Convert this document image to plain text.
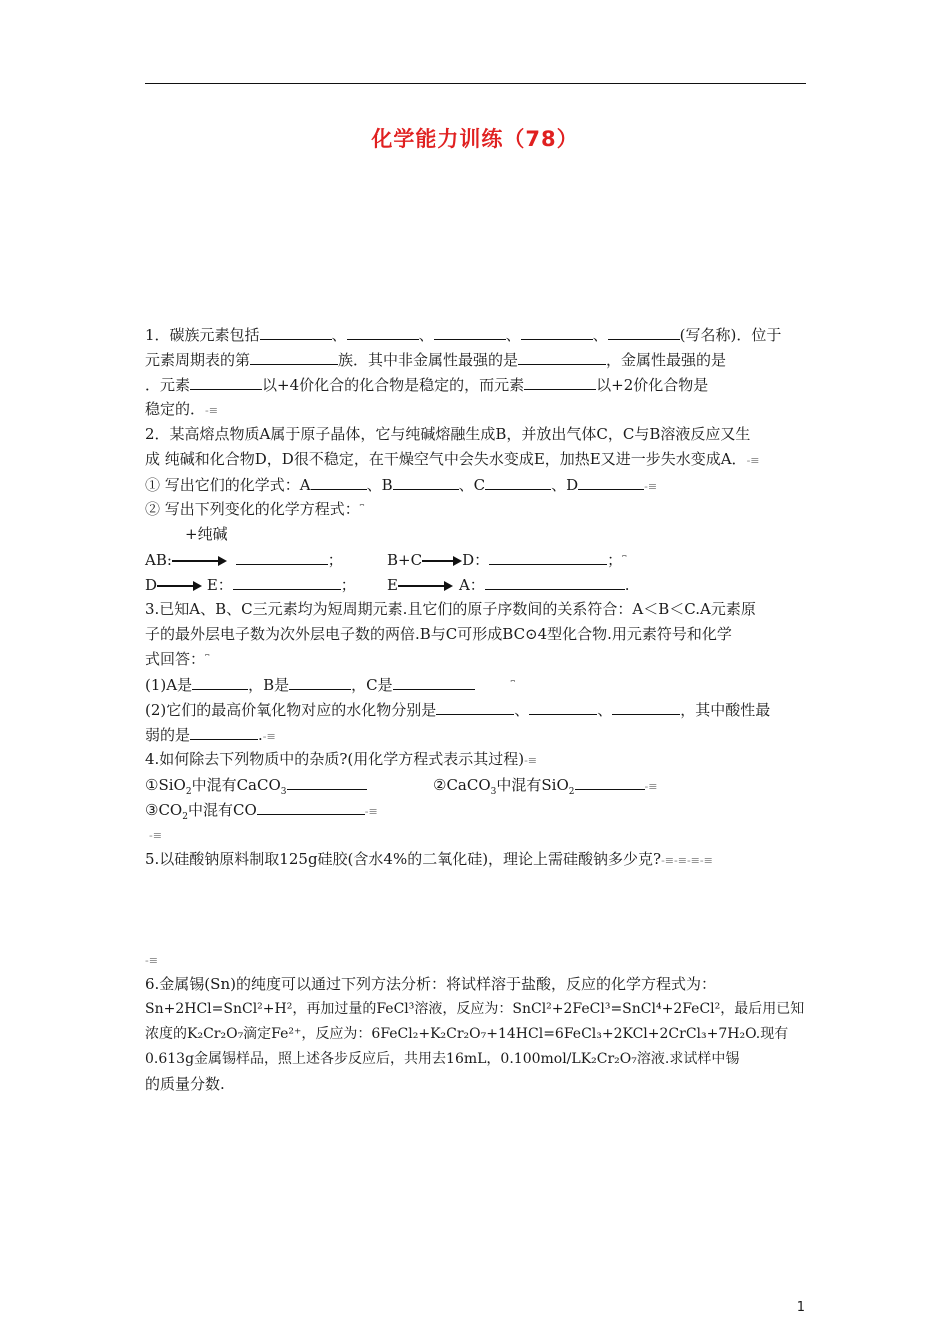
化学能力训练（78）
1．碳族元素包括	、	、	、	、	(写名称)．位于
元素周期表的第	族．其中非金属性最强的是	，金属性最强的是
．元素	以+4价化合的化合物是稳定的，而元素	以+2价化合物是
稳定的．-≡
2．某高熔点物质A属于原子晶体，它与纯碱熔融生成B，并放出气体C，C与B溶液反应又生
成 纯碱和化合物D，D很不稳定，在干燥空气中会失水变成E，加热E又进一步失水变成A．-≡
① 写出它们的化学式：A	、B	、C	、D	-≡
② 写出下列变化的化学方程式：⎴
+纯碱
AB:	；	B+C	D：	；⎴
D	E：	； E	A：	.
3.已知A、B、C三元素均为短周期元素.且它们的原子序数间的关系符合：A＜B＜C.A元素原
子的最外层电子数为次外层电子数的两倍.B与C可形成BC⊙4型化合物.用元素符号和化学
式回答：⎴
(1)A是	，B是	，C是	⎴
(2)它们的最高价氧化物对应的水化物分别是	、	、	，其中酸性最
弱的是	.-≡
4.如何除去下列物质中的杂质?(用化学方程式表示其过程)-≡
①SiO$_2$中混有CaCO$_3$	②CaCO$_3$中混有SiO$_2$	-≡
$③CO_2$中混有CO	-≡
-≡
5.以硅酸钠原料制取125g硅胶(含水4%的二氧化硅)，理论上需硅酸钠多少克?-≡-≡-≡-≡
-≡
6.金属锡(Sn)的纯度可以通过下列方法分析：将试样溶于盐酸，反应的化学方程式为：
Sn+2HCl=SnCl²+H²，再加过量的FeCl³溶液，反应为：SnCl²+2FeCl³=SnCl⁴+2FeCl²，最后用已知
浓度的K₂Cr₂O₇滴定Fe²⁺，反应为：6FeCl₂+K₂Cr₂O₇+14HCl=6FeCl₃+2KCl+2CrCl₃+7H₂O.现有
0.613g金属锡样品，照上述各步反应后，共用去16mL，0.100mol/LK₂Cr₂O₇溶液.求试样中锡
的质量分数.
1
